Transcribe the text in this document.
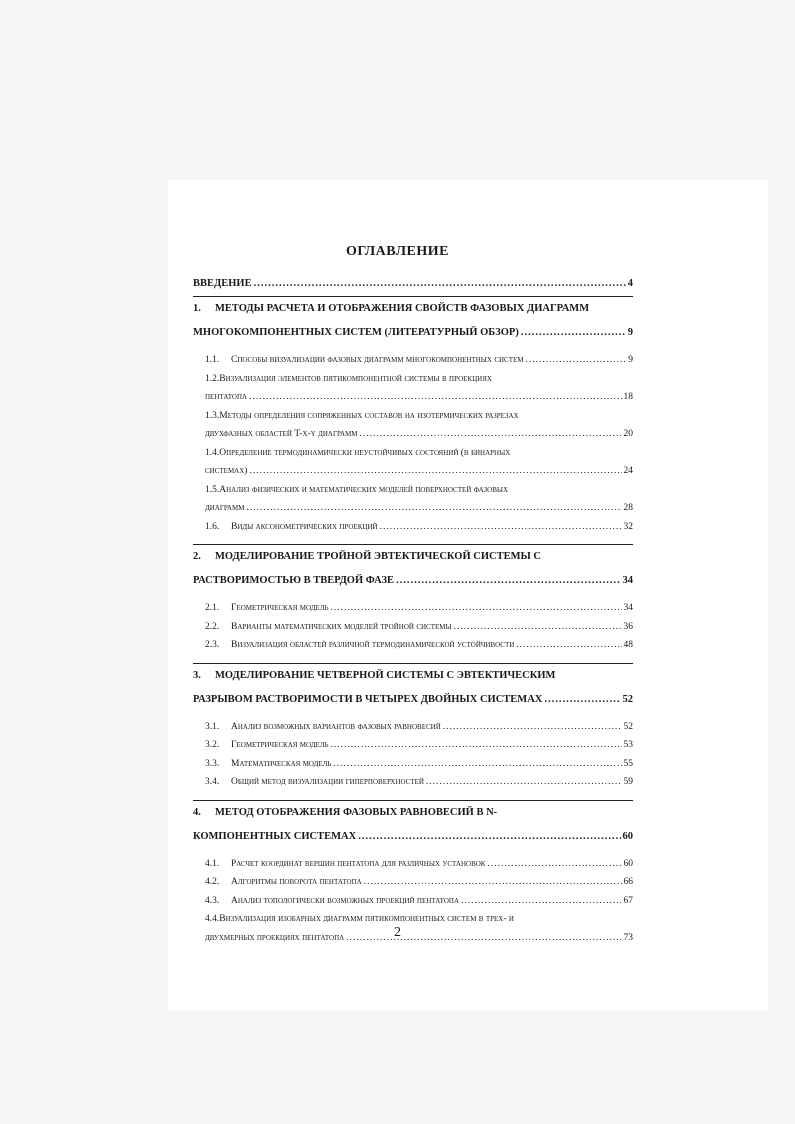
ОГЛАВЛЕНИЕ
ВВЕДЕНИЕ .....	4
1. МЕТОДЫ РАСЧЕТА И ОТОБРАЖЕНИЯ СВОЙСТВ ФАЗОВЫХ ДИАГРАММ
МНОГОКОМПОНЕНТНЫХ СИСТЕМ (ЛИТЕРАТУРНЫЙ ОБЗОР) .....	9
1.1. Способы визуализации фазовых диаграмм многокомпонентных систем .....	9
1.2.Визуализация элементов пятикомпонентной системы в проекциях
пентатопа .....	18
1.3.Методы определения сопряженных составов на изотермических разрезах
двухфазных областей T-x-y диаграмм .....	20
1.4.Определение термодинамически неустойчивых состояний (в бинарных
системах) .....	24
1.5.Анализ физических и математических моделей поверхностей фазовых
диаграмм .....	28
1.6. Виды аксонометрических проекций .....	32
2. МОДЕЛИРОВАНИЕ ТРОЙНОЙ ЭВТЕКТИЧЕСКОЙ СИСТЕМЫ С
РАСТВОРИМОСТЬЮ В ТВЕРДОЙ ФАЗЕ .....	34
2.1. Геометрическая модель .....	34
2.2. Варианты математических моделей тройной системы .....	36
2.3. Визуализация областей различной термодинамической устойчивости .....	48
3. МОДЕЛИРОВАНИЕ ЧЕТВЕРНОЙ СИСТЕМЫ С ЭВТЕКТИЧЕСКИМ
РАЗРЫВОМ РАСТВОРИМОСТИ В ЧЕТЫРЕХ ДВОЙНЫХ СИСТЕМАХ .....	52
3.1. Анализ возможных вариантов фазовых равновесий .....	52
3.2. Геометрическая модель .....	53
3.3. Математическая модель .....	55
3.4. Общий метод визуализации гиперповерхностей .....	59
4. МЕТОД ОТОБРАЖЕНИЯ ФАЗОВЫХ РАВНОВЕСИЙ В N-
КОМПОНЕНТНЫХ СИСТЕМАХ .....	60
4.1. Расчет координат вершин пентатопа для различных установок .....	60
4.2. Алгоритмы поворота пентатопа .....	66
4.3. Анализ топологически возможных проекций пентатопа .....	67
4.4.Визуализация изобарных диаграмм пятикомпонентных систем в трех- и
двухмерных проекциях пентатопа .....	73
2
